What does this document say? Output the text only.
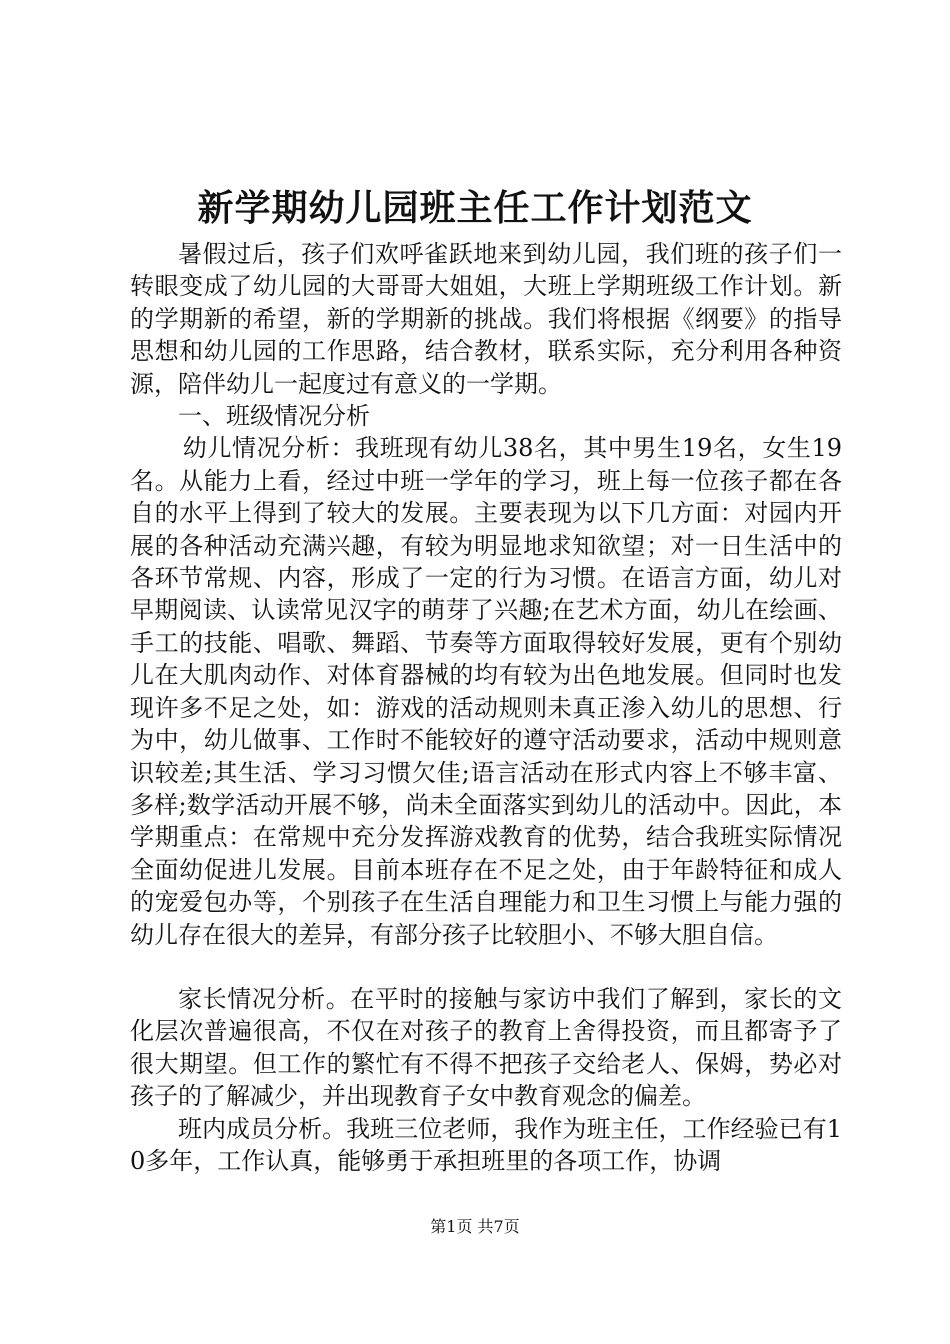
新学期幼儿园班主任工作计划范文

暑假过后，孩子们欢呼雀跃地来到幼儿园，我们班的孩子们一转眼变成了幼儿园的大哥哥大姐姐，大班上学期班级工作计划。新的学期新的希望，新的学期新的挑战。我们将根据《纲要》的指导思想和幼儿园的工作思路，结合教材，联系实际，充分利用各种资源，陪伴幼儿一起度过有意义的一学期。

一、班级情况分析

幼儿情况分析：我班现有幼儿38名，其中男生19名，女生19名。从能力上看，经过中班一学年的学习，班上每一位孩子都在各自的水平上得到了较大的发展。主要表现为以下几方面：对园内开展的各种活动充满兴趣，有较为明显地求知欲望；对一日生活中的各环节常规、内容，形成了一定的行为习惯。在语言方面，幼儿对早期阅读、认读常见汉字的萌芽了兴趣;在艺术方面，幼儿在绘画、手工的技能、唱歌、舞蹈、节奏等方面取得较好发展，更有个别幼儿在大肌肉动作、对体育器械的均有较为出色地发展。但同时也发现许多不足之处，如：游戏的活动规则未真正渗入幼儿的思想、行为中，幼儿做事、工作时不能较好的遵守活动要求，活动中规则意识较差;其生活、学习习惯欠佳;语言活动在形式内容上不够丰富、多样;数学活动开展不够，尚未全面落实到幼儿的活动中。因此，本学期重点：在常规中充分发挥游戏教育的优势，结合我班实际情况全面幼促进儿发展。目前本班存在不足之处，由于年龄特征和成人的宠爱包办等，个别孩子在生活自理能力和卫生习惯上与能力强的幼儿存在很大的差异，有部分孩子比较胆小、不够大胆自信。

家长情况分析。在平时的接触与家访中我们了解到，家长的文化层次普遍很高，不仅在对孩子的教育上舍得投资，而且都寄予了很大期望。但工作的繁忙有不得不把孩子交给老人、保姆，势必对孩子的了解减少，并出现教育子女中教育观念的偏差。

班内成员分析。我班三位老师，我作为班主任，工作经验已有10多年，工作认真，能够勇于承担班里的各项工作，协调

第1页 共7页
